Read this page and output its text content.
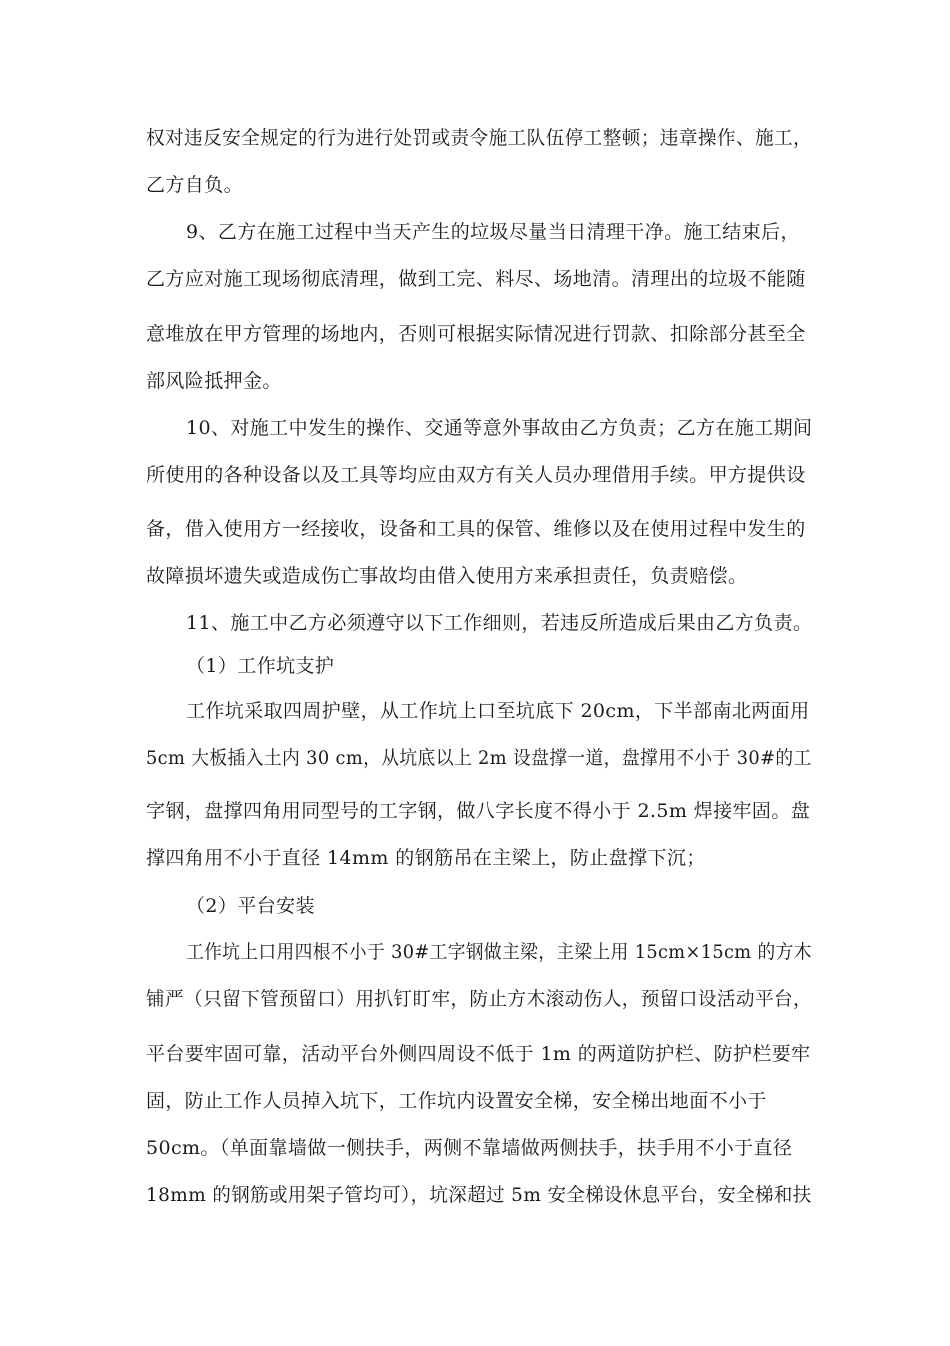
权对违反安全规定的行为进行处罚或责令施工队伍停工整顿；违章操作、施工，
乙方自负。
9、乙方在施工过程中当天产生的垃圾尽量当日清理干净。施工结束后，
乙方应对施工现场彻底清理，做到工完、料尽、场地清。清理出的垃圾不能随
意堆放在甲方管理的场地内，否则可根据实际情况进行罚款、扣除部分甚至全
部风险抵押金。
10、对施工中发生的操作、交通等意外事故由乙方负责；乙方在施工期间
所使用的各种设备以及工具等均应由双方有关人员办理借用手续。甲方提供设
备，借入使用方一经接收，设备和工具的保管、维修以及在使用过程中发生的
故障损坏遗失或造成伤亡事故均由借入使用方来承担责任，负责赔偿。
11、施工中乙方必须遵守以下工作细则，若违反所造成后果由乙方负责。
（1）工作坑支护
工作坑采取四周护壁，从工作坑上口至坑底下 20cm，下半部南北两面用
5cm 大板插入土内 30 cm，从坑底以上 2m 设盘撑一道，盘撑用不小于 30#的工
字钢，盘撑四角用同型号的工字钢，做八字长度不得小于 2.5m 焊接牢固。盘
撑四角用不小于直径 14mm 的钢筋吊在主梁上，防止盘撑下沉；
（2）平台安装
工作坑上口用四根不小于 30#工字钢做主梁，主梁上用 15cm×15cm 的方木
铺严（只留下管预留口）用扒钉盯牢，防止方木滚动伤人，预留口设活动平台，
平台要牢固可靠，活动平台外侧四周设不低于 1m 的两道防护栏、防护栏要牢
固，防止工作人员掉入坑下，工作坑内设置安全梯，安全梯出地面不小于
50cm。（单面靠墙做一侧扶手，两侧不靠墙做两侧扶手，扶手用不小于直径
18mm 的钢筋或用架子管均可），坑深超过 5m 安全梯设休息平台，安全梯和扶
